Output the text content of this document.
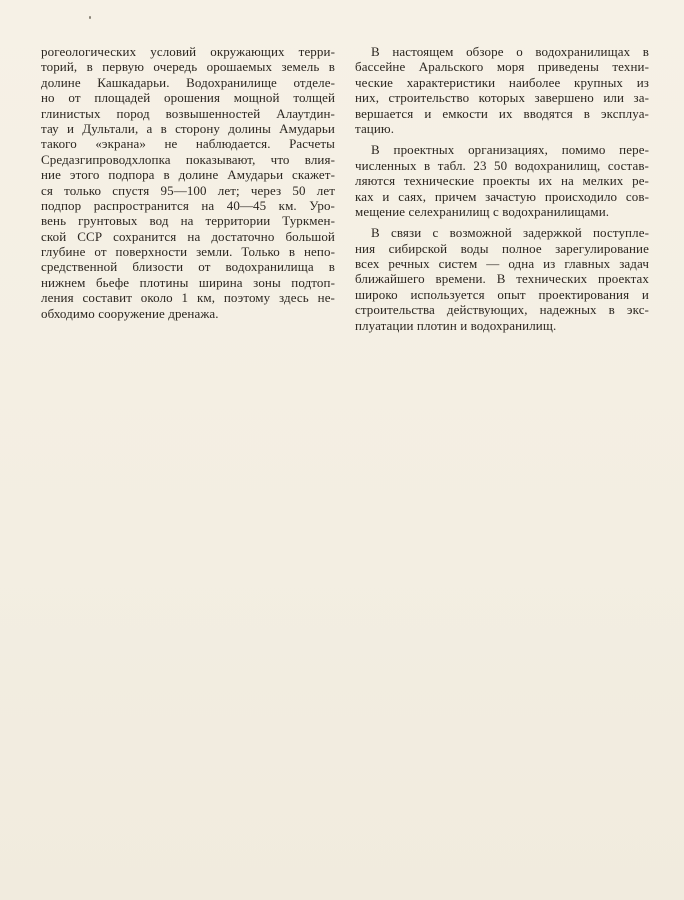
рогеологических условий окружающих терри-
торий, в первую очередь орошаемых земель в
долине Кашкадарьи. Водохранилище отделе-
но от площадей орошения мощной толщей
глинистых пород возвышенностей Алаутдин-
тау и Дультали, а в сторону долины Амударьи
такого «экрана» не наблюдается. Расчеты
Средазгипроводхлопка показывают, что влия-
ние этого подпора в долине Амударьи скажет-
ся только спустя 95—100 лет; через 50 лет
подпор распространится на 40—45 км. Уро-
вень грунтовых вод на территории Туркмен-
ской ССР сохранится на достаточно большой
глубине от поверхности земли. Только в непо-
средственной близости от водохранилища в
нижнем бьефе плотины ширина зоны подтоп-
ления составит около 1 км, поэтому здесь не-
обходимо сооружение дренажа.
В настоящем обзоре о водохранилищах в
бассейне Аральского моря приведены техни-
ческие характеристики наиболее крупных из
них, строительство которых завершено или за-
вершается и емкости их вводятся в эксплуа-
тацию.
В проектных организациях, помимо пере-
численных в табл. 23 50 водохранилищ, состав-
ляются технические проекты их на мелких ре-
ках и саях, причем зачастую происходило сов-
мещение селехранилищ с водохранилищами.
В связи с возможной задержкой поступле-
ния сибирской воды полное зарегулирование
всех речных систем — одна из главных задач
ближайшего времени. В технических проектах
широко используется опыт проектирования и
строительства действующих, надежных в экс-
плуатации плотин и водохранилищ.
